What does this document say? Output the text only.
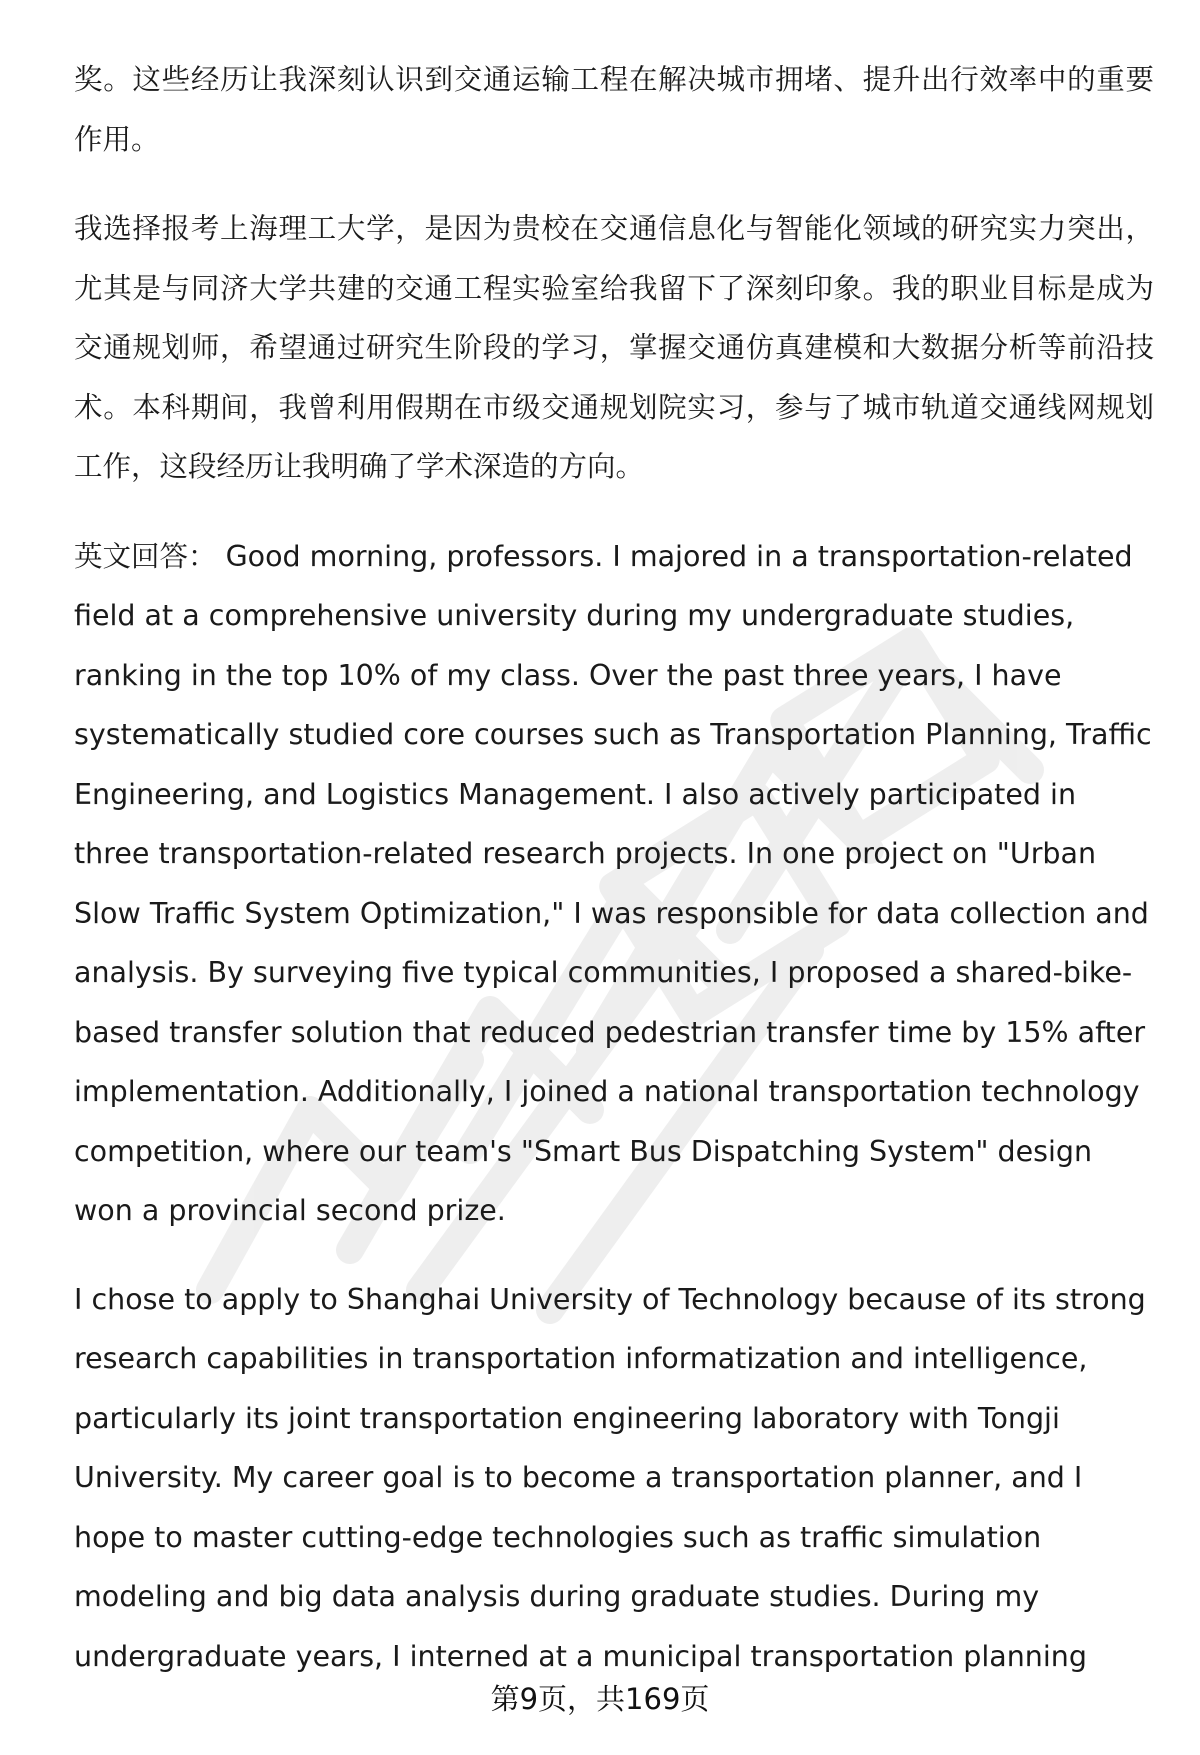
奖。这些经历让我深刻认识到交通运输工程在解决城市拥堵、提升出行效率中的重要作用。

我选择报考上海理工大学，是因为贵校在交通信息化与智能化领域的研究实力突出，尤其是与同济大学共建的交通工程实验室给我留下了深刻印象。我的职业目标是成为交通规划师，希望通过研究生阶段的学习，掌握交通仿真建模和大数据分析等前沿技术。本科期间，我曾利用假期在市级交通规划院实习，参与了城市轨道交通线网规划工作，这段经历让我明确了学术深造的方向。

英文回答： Good morning, professors. I majored in a transportation-related field at a comprehensive university during my undergraduate studies, ranking in the top 10% of my class. Over the past three years, I have systematically studied core courses such as Transportation Planning, Traffic Engineering, and Logistics Management. I also actively participated in three transportation-related research projects. In one project on "Urban Slow Traffic System Optimization," I was responsible for data collection and analysis. By surveying five typical communities, I proposed a shared-bike-based transfer solution that reduced pedestrian transfer time by 15% after implementation. Additionally, I joined a national transportation technology competition, where our team's "Smart Bus Dispatching System" design won a provincial second prize.

I chose to apply to Shanghai University of Technology because of its strong research capabilities in transportation informatization and intelligence, particularly its joint transportation engineering laboratory with Tongji University. My career goal is to become a transportation planner, and I hope to master cutting-edge technologies such as traffic simulation modeling and big data analysis during graduate studies. During my undergraduate years, I interned at a municipal transportation planning

第9页，共169页
